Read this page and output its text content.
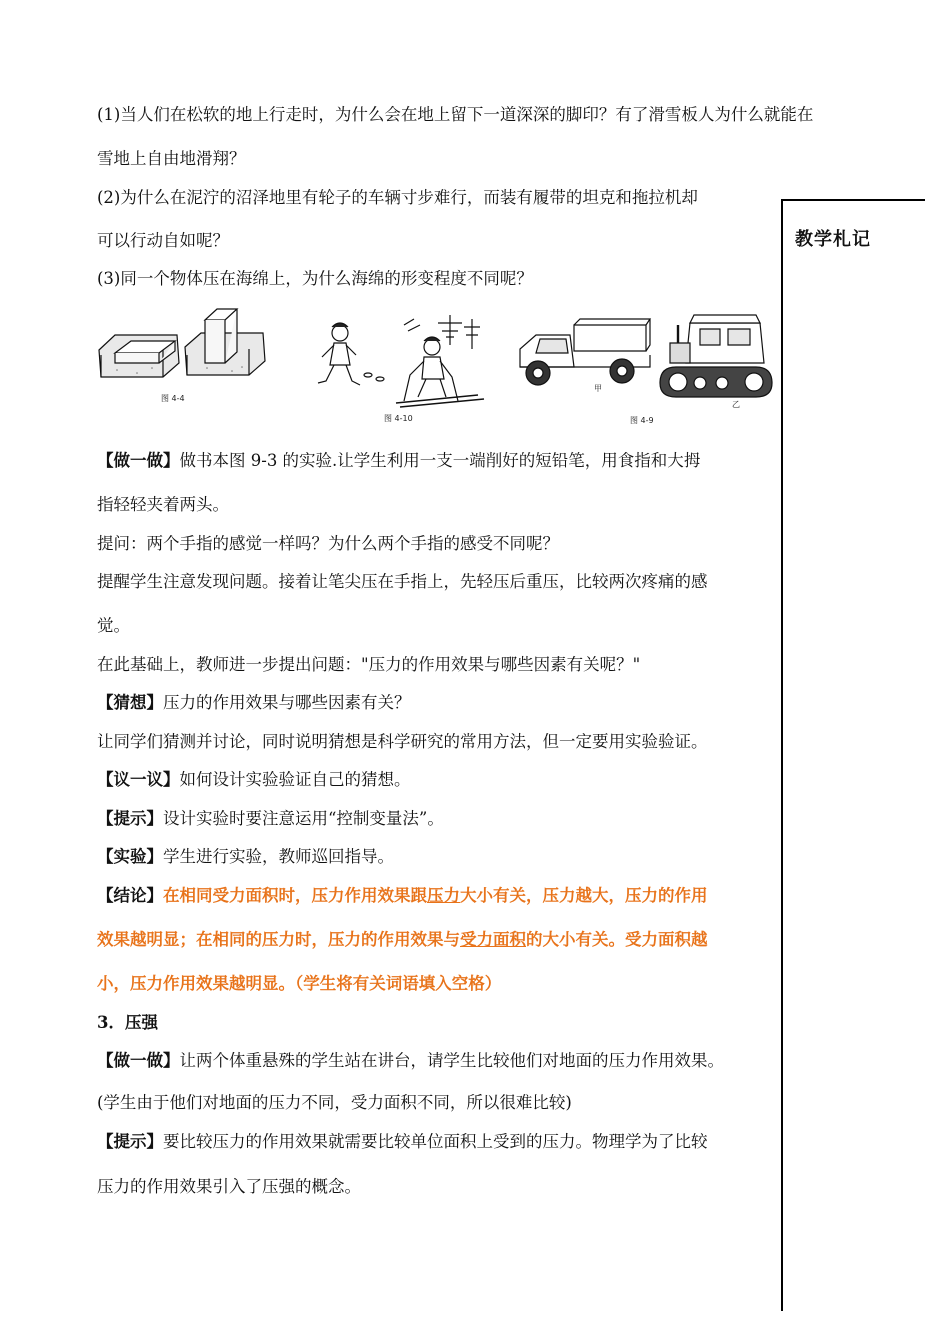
教学札记
(1)当人们在松软的地上行走时，为什么会在地上留下一道深深的脚印？有了滑雪板人为什么就能在
雪地上自由地滑翔？
(2)为什么在泥泞的沼泽地里有轮子的车辆寸步难行，而装有履带的坦克和拖拉机却
可以行动自如呢？
(3)同一个物体压在海绵上，为什么海绵的形变程度不同呢？
图 4-4
图 4-10
甲
乙
图 4-9
【做一做】做书本图 9-3 的实验.让学生利用一支一端削好的短铅笔，用食指和大拇
指轻轻夹着两头。
提问：两个手指的感觉一样吗？为什么两个手指的感受不同呢？
提醒学生注意发现问题。接着让笔尖压在手指上，先轻压后重压，比较两次疼痛的感
觉。
在此基础上，教师进一步提出问题："压力的作用效果与哪些因素有关呢？"
【猜想】压力的作用效果与哪些因素有关？
让同学们猜测并讨论，同时说明猜想是科学研究的常用方法，但一定要用实验验证。
【议一议】如何设计实验验证自己的猜想。
【提示】设计实验时要注意运用“控制变量法”。
【实验】学生进行实验，教师巡回指导。
【结论】在相同受力面积时，压力作用效果跟压力大小有关，压力越大，压力的作用
效果越明显；在相同的压力时，压力的作用效果与受力面积的大小有关。受力面积越
小，压力作用效果越明显。（学生将有关词语填入空格）
3．压强
【做一做】让两个体重悬殊的学生站在讲台，请学生比较他们对地面的压力作用效果。
(学生由于他们对地面的压力不同，受力面积不同，所以很难比较)
【提示】要比较压力的作用效果就需要比较单位面积上受到的压力。物理学为了比较
压力的作用效果引入了压强的概念。
